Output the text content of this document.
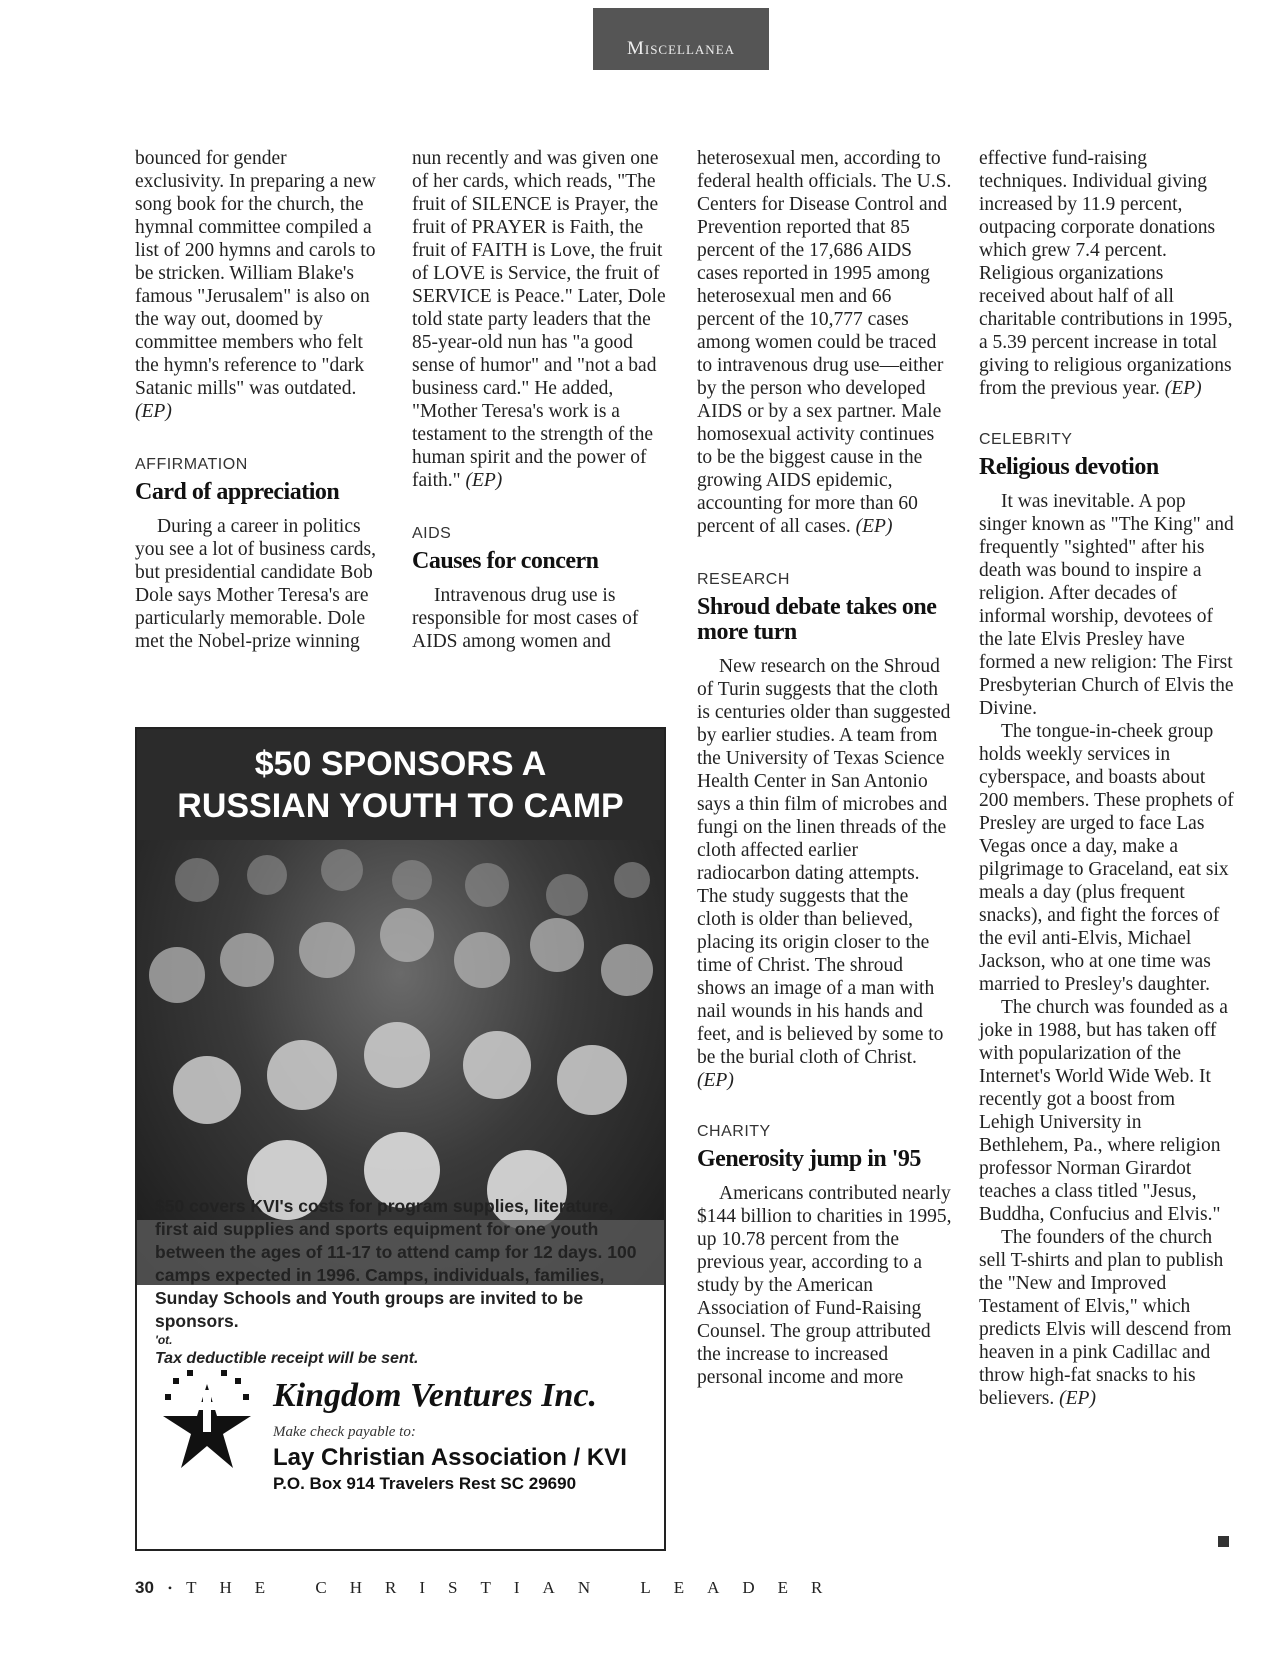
Miscellanea

bounced for gender exclusivity. In preparing a new song book for the church, the hymnal committee compiled a list of 200 hymns and carols to be stricken. William Blake's famous "Jerusalem" is also on the way out, doomed by committee members who felt the hymn's reference to "dark Satanic mills" was outdated. (EP)

AFFIRMATION
Card of appreciation

During a career in politics you see a lot of business cards, but presidential candidate Bob Dole says Mother Teresa's are particularly memorable. Dole met the Nobel-prize winning

nun recently and was given one of her cards, which reads, "The fruit of SILENCE is Prayer, the fruit of PRAYER is Faith, the fruit of FAITH is Love, the fruit of LOVE is Service, the fruit of SERVICE is Peace." Later, Dole told state party leaders that the 85-year-old nun has "a good sense of humor" and "not a bad business card." He added, "Mother Teresa's work is a testament to the strength of the human spirit and the power of faith." (EP)

AIDS
Causes for concern

Intravenous drug use is responsible for most cases of AIDS among women and

heterosexual men, according to federal health officials. The U.S. Centers for Disease Control and Prevention reported that 85 percent of the 17,686 AIDS cases reported in 1995 among heterosexual men and 66 percent of the 10,777 cases among women could be traced to intravenous drug use—either by the person who developed AIDS or by a sex partner. Male homosexual activity continues to be the biggest cause in the growing AIDS epidemic, accounting for more than 60 percent of all cases. (EP)

RESEARCH
Shroud debate takes one more turn

New research on the Shroud of Turin suggests that the cloth is centuries older than suggested by earlier studies. A team from the University of Texas Science Health Center in San Antonio says a thin film of microbes and fungi on the linen threads of the cloth affected earlier radiocarbon dating attempts. The study suggests that the cloth is older than believed, placing its origin closer to the time of Christ. The shroud shows an image of a man with nail wounds in his hands and feet, and is believed by some to be the burial cloth of Christ. (EP)

CHARITY
Generosity jump in '95

Americans contributed nearly $144 billion to charities in 1995, up 10.78 percent from the previous year, according to a study by the American Association of Fund-Raising Counsel. The group attributed the increase to increased personal income and more

effective fund-raising techniques. Individual giving increased by 11.9 percent, outpacing corporate donations which grew 7.4 percent. Religious organizations received about half of all charitable contributions in 1995, a 5.39 percent increase in total giving to religious organizations from the previous year. (EP)

CELEBRITY
Religious devotion

It was inevitable. A pop singer known as "The King" and frequently "sighted" after his death was bound to inspire a religion. After decades of informal worship, devotees of the late Elvis Presley have formed a new religion: The First Presbyterian Church of Elvis the Divine.

The tongue-in-cheek group holds weekly services in cyberspace, and boasts about 200 members. These prophets of Presley are urged to face Las Vegas once a day, make a pilgrimage to Graceland, eat six meals a day (plus frequent snacks), and fight the forces of the evil anti-Elvis, Michael Jackson, who at one time was married to Presley's daughter.

The church was founded as a joke in 1988, but has taken off with popularization of the Internet's World Wide Web. It recently got a boost from Lehigh University in Bethlehem, Pa., where religion professor Norman Girardot teaches a class titled "Jesus, Buddha, Confucius and Elvis."

The founders of the church sell T-shirts and plan to publish the "New and Improved Testament of Elvis," which predicts Elvis will descend from heaven in a pink Cadillac and throw high-fat snacks to his believers. (EP)

$50 SPONSORS A
RUSSIAN YOUTH TO CAMP
$50 covers KVI's costs for program supplies, literature, first aid supplies and sports equipment for one youth between the ages of 11-17 to attend camp for 12 days. 100 camps expected in 1996. Camps, individuals, families, Sunday Schools and Youth groups are invited to be sponsors.
'ot.
Tax deductible receipt will be sent.
Kingdom Ventures Inc.
Make check payable to:
Lay Christian Association / KVI
P.O. Box 914 Travelers Rest SC 29690
30 • THE CHRISTIAN LEADER
